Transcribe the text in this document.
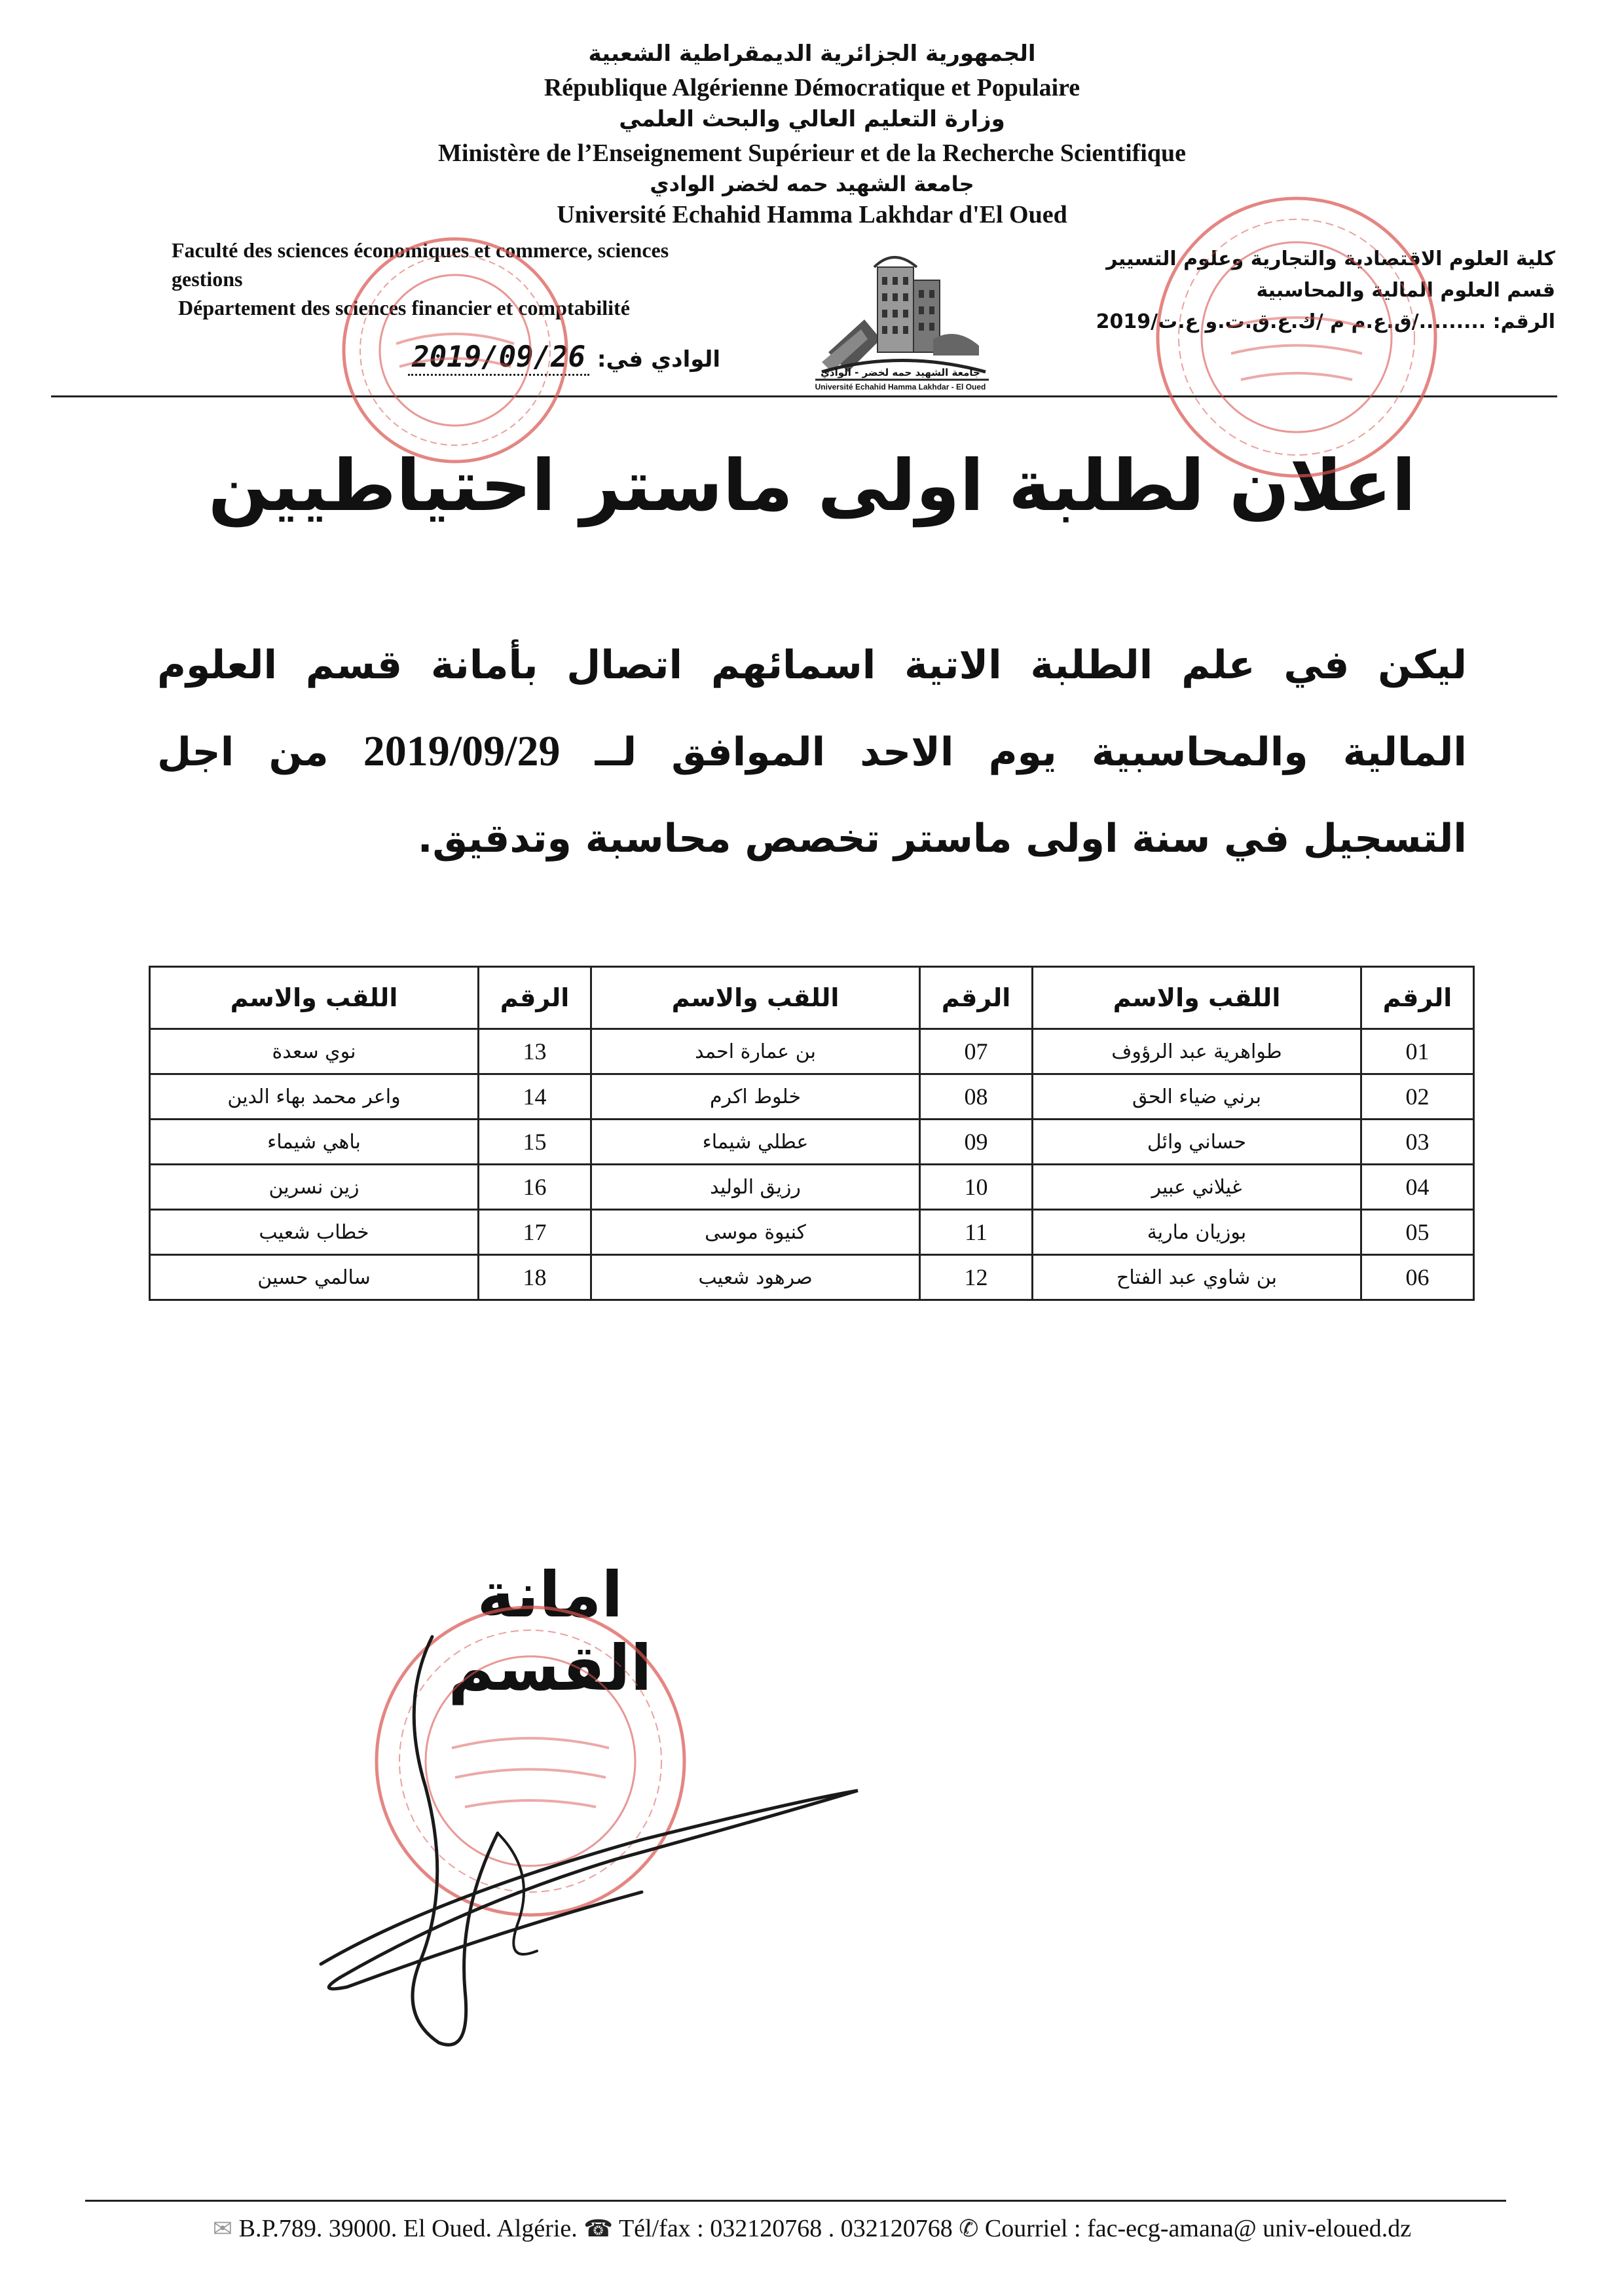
الجمهورية الجزائرية الديمقراطية الشعبية
République Algérienne Démocratique et Populaire
وزارة التعليم العالي والبحث العلمي
Ministère de l’Enseignement Supérieur et de la Recherche Scientifique
جامعة الشهيد حمه لخضر الوادي
Université Echahid Hamma Lakhdar d'El Oued
Faculté des sciences économiques et commerce, sciences
gestions
Département des sciences financier et comptabilité
الوادي في: 2019/09/26
كلية العلوم الاقتصادية والتجارية وعلوم التسيير
قسم العلوم المالية والمحاسبية
الرقم: ........./ق.ع.م م /ك.ع.ق.ت.و ع.ت/2019
جامعة الشهيد حمه لخضر - الوادي
Université Echahid Hamma Lakhdar - El Oued
اعلان لطلبة اولى ماستر احتياطيين
ليكن في علم الطلبة الاتية اسمائهم اتصال بأمانة قسم العلوم المالية والمحاسبية يوم الاحد الموافق لــ 2019/09/29 من اجل التسجيل في سنة اولى ماستر تخصص محاسبة وتدقيق.
الرقم	اللقب والاسم	الرقم	اللقب والاسم	الرقم	اللقب والاسم
01	طواهرية عبد الرؤوف	07	بن عمارة احمد	13	نوي سعدة
02	برني ضياء الحق	08	خلوط اكرم	14	واعر محمد بهاء الدين
03	حساني وائل	09	عطلي شيماء	15	باهي شيماء
04	غيلاني عبير	10	رزيق الوليد	16	زين نسرين
05	بوزيان مارية	11	كنيوة موسى	17	خطاب شعيب
06	بن شاوي عبد الفتاح	12	صرهود شعيب	18	سالمي حسين
امانة القسم
✉ B.P.789. 39000. El Oued. Algérie. ☎ Tél/fax : 032120768 . 032120768 ✆ Courriel : fac-ecg-amana@ univ-eloued.dz
